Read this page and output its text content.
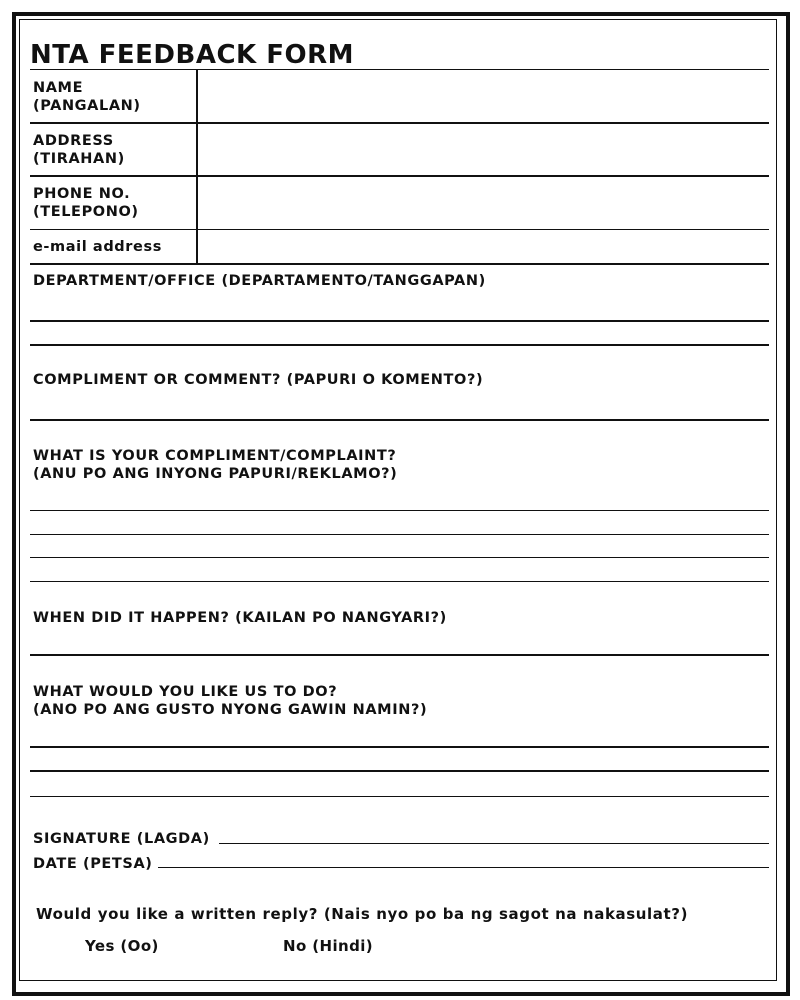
NTA FEEDBACK FORM
NAME
(PANGALAN)
ADDRESS
(TIRAHAN)
PHONE NO.
(TELEPONO)
e-mail address
DEPARTMENT/OFFICE (DEPARTAMENTO/TANGGAPAN)
COMPLIMENT OR COMMENT? (PAPURI O KOMENTO?)
WHAT IS YOUR COMPLIMENT/COMPLAINT?
(ANU PO ANG INYONG PAPURI/REKLAMO?)
WHEN DID IT HAPPEN? (KAILAN PO NANGYARI?)
WHAT WOULD YOU LIKE US TO DO?
(ANO PO ANG GUSTO NYONG GAWIN NAMIN?)
SIGNATURE (LAGDA)
DATE (PETSA)
Would you like a written reply? (Nais nyo po ba ng sagot na nakasulat?)
Yes (Oo)	No (Hindi)
